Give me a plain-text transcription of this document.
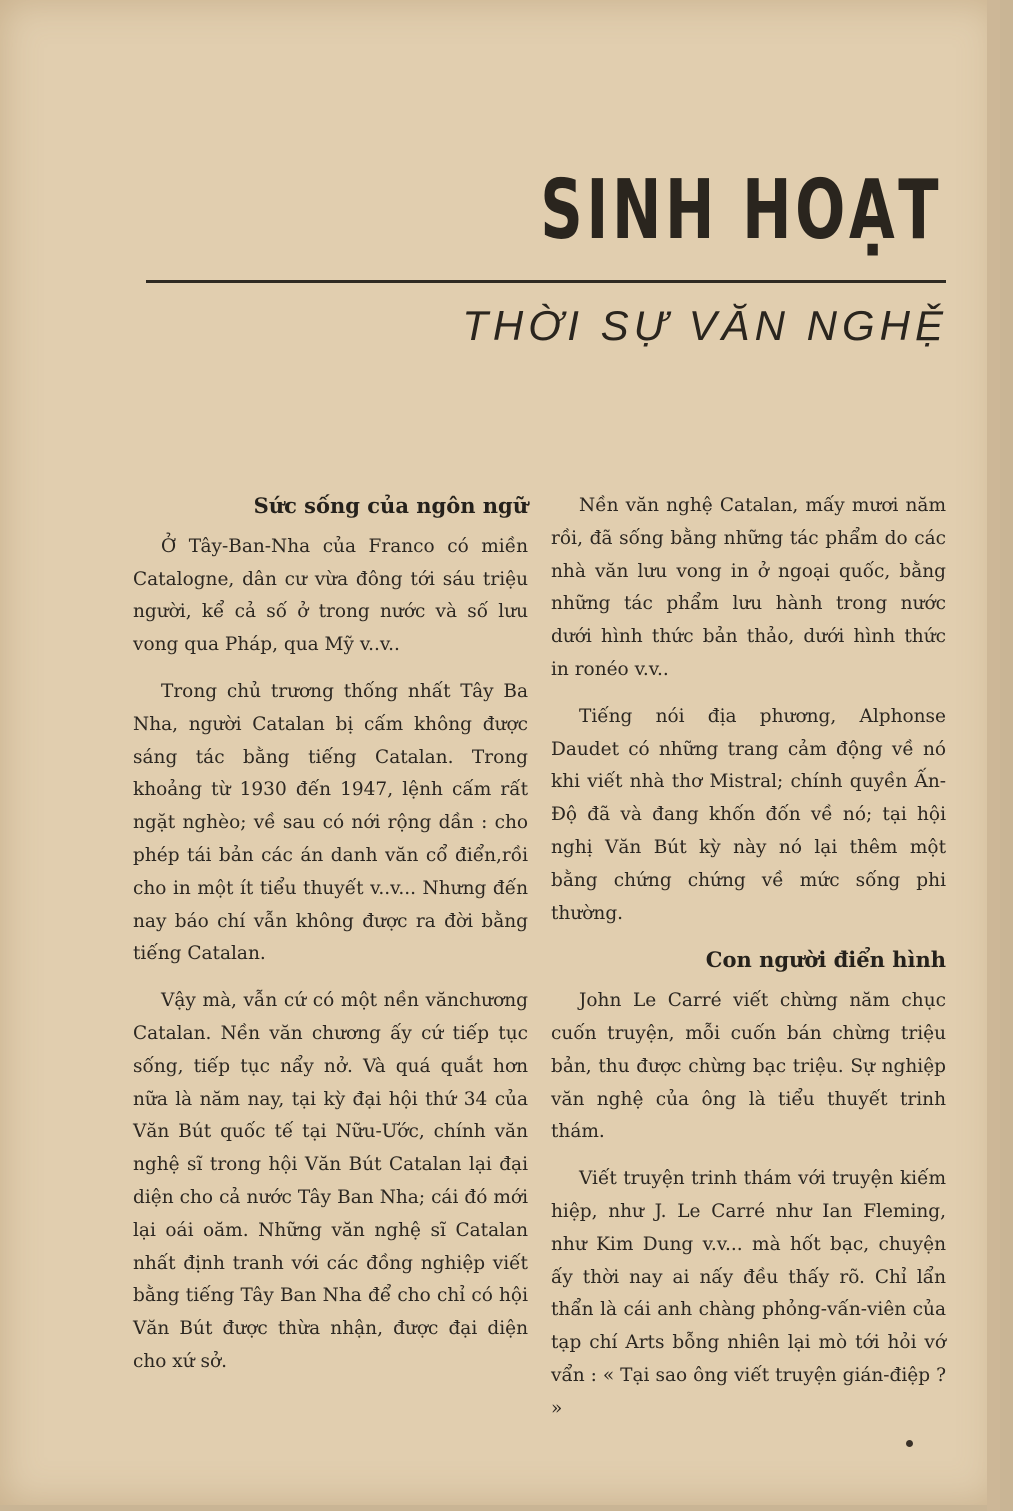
SINH HOẠT
THỜI SỰ VĂN NGHỆ
Sức sống của ngôn ngữ

Ở Tây-Ban-Nha của Franco có miền Catalogne, dân cư vừa đông tới sáu triệu người, kể cả số ở trong nước và số lưu vong qua Pháp, qua Mỹ v..v..

Trong chủ trương thống nhất Tây Ba Nha, người Catalan bị cấm không được sáng tác bằng tiếng Catalan. Trong khoảng từ 1930 đến 1947, lệnh cấm rất ngặt nghèo; về sau có nới rộng dần : cho phép tái bản các án danh văn cổ điển,rồi cho in một ít tiểu thuyết v..v... Nhưng đến nay báo chí vẫn không được ra đời bằng tiếng Catalan.

Vậy mà, vẫn cứ có một nền vănchương Catalan. Nền văn chương ấy cứ tiếp tục sống, tiếp tục nẩy nở. Và quá quắt hơn nữa là năm nay, tại kỳ đại hội thứ 34 của Văn Bút quốc tế tại Nữu-Ước, chính văn nghệ sĩ trong hội Văn Bút Catalan lại đại diện cho cả nước Tây Ban Nha; cái đó mới lại oái oăm. Những văn nghệ sĩ Catalan nhất định tranh với các đồng nghiệp viết bằng tiếng Tây Ban Nha để cho chỉ có hội Văn Bút được thừa nhận, được đại diện cho xứ sở.

Nền văn nghệ Catalan, mấy mươi năm rồi, đã sống bằng những tác phẩm do các nhà văn lưu vong in ở ngoại quốc, bằng những tác phẩm lưu hành trong nước dưới hình thức bản thảo, dưới hình thức in ronéo v.v..

Tiếng nói địa phương, Alphonse Daudet có những trang cảm động về nó khi viết nhà thơ Mistral; chính quyền Ấn-Độ đã và đang khốn đốn về nó; tại hội nghị Văn Bút kỳ này nó lại thêm một bằng chứng chứng về mức sống phi thường.

Con người điển hình

John Le Carré viết chừng năm chục cuốn truyện, mỗi cuốn bán chừng triệu bản, thu được chừng bạc triệu. Sự nghiệp văn nghệ của ông là tiểu thuyết trinh thám.

Viết truyện trinh thám với truyện kiếm hiệp, như J. Le Carré như Ian Fleming, như Kim Dung v.v... mà hốt bạc, chuyện ấy thời nay ai nấy đều thấy rõ. Chỉ lẩn thẩn là cái anh chàng phỏng-vấn-viên của tạp chí Arts bỗng nhiên lại mò tới hỏi vớ vẩn : « Tại sao ông viết truyện gián-điệp ? »
